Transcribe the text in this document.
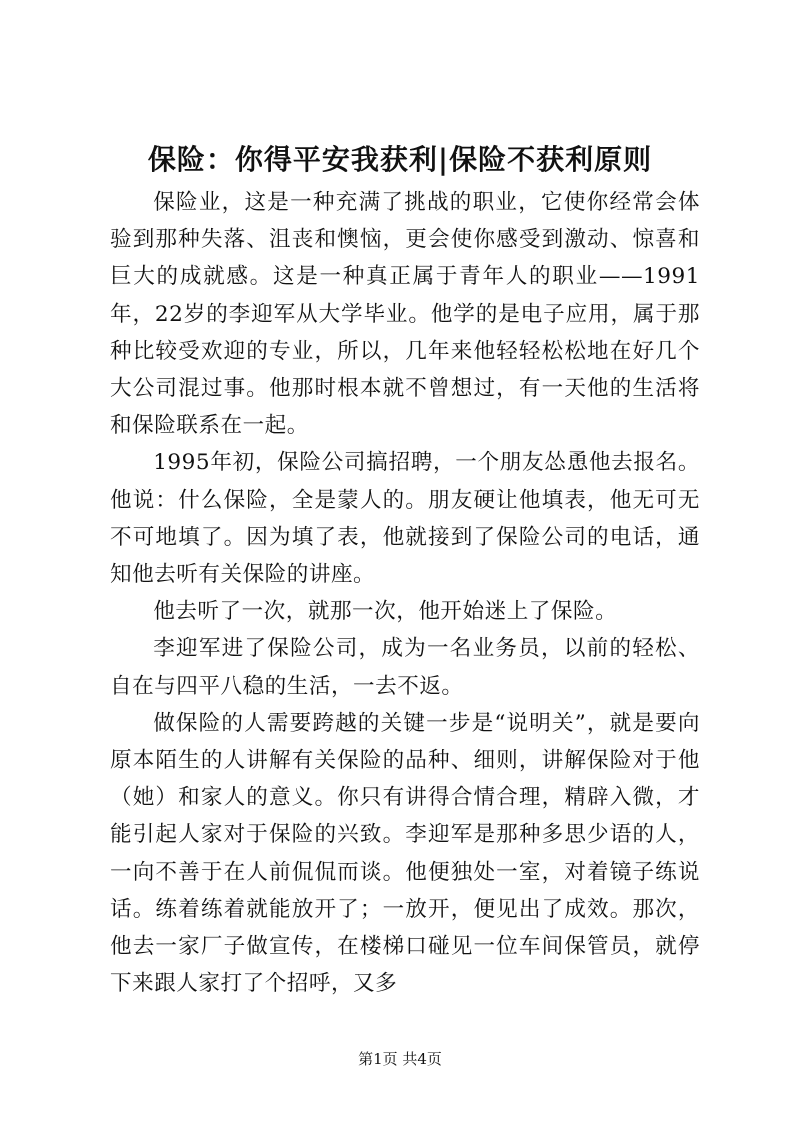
保险：你得平安我获利|保险不获利原则

保险业，这是一种充满了挑战的职业，它使你经常会体验到那种失落、沮丧和懊恼，更会使你感受到激动、惊喜和巨大的成就感。这是一种真正属于青年人的职业——1991年，22岁的李迎军从大学毕业。他学的是电子应用，属于那种比较受欢迎的专业，所以，几年来他轻轻松松地在好几个大公司混过事。他那时根本就不曾想过，有一天他的生活将和保险联系在一起。

1995年初，保险公司搞招聘，一个朋友怂恿他去报名。他说：什么保险，全是蒙人的。朋友硬让他填表，他无可无不可地填了。因为填了表，他就接到了保险公司的电话，通知他去听有关保险的讲座。

他去听了一次，就那一次，他开始迷上了保险。

李迎军进了保险公司，成为一名业务员，以前的轻松、自在与四平八稳的生活，一去不返。

做保险的人需要跨越的关键一步是“说明关”，就是要向原本陌生的人讲解有关保险的品种、细则，讲解保险对于他（她）和家人的意义。你只有讲得合情合理，精辟入微，才能引起人家对于保险的兴致。李迎军是那种多思少语的人，一向不善于在人前侃侃而谈。他便独处一室，对着镜子练说话。练着练着就能放开了；一放开，便见出了成效。那次，他去一家厂子做宣传，在楼梯口碰见一位车间保管员，就停下来跟人家打了个招呼，又多

第1页 共4页
